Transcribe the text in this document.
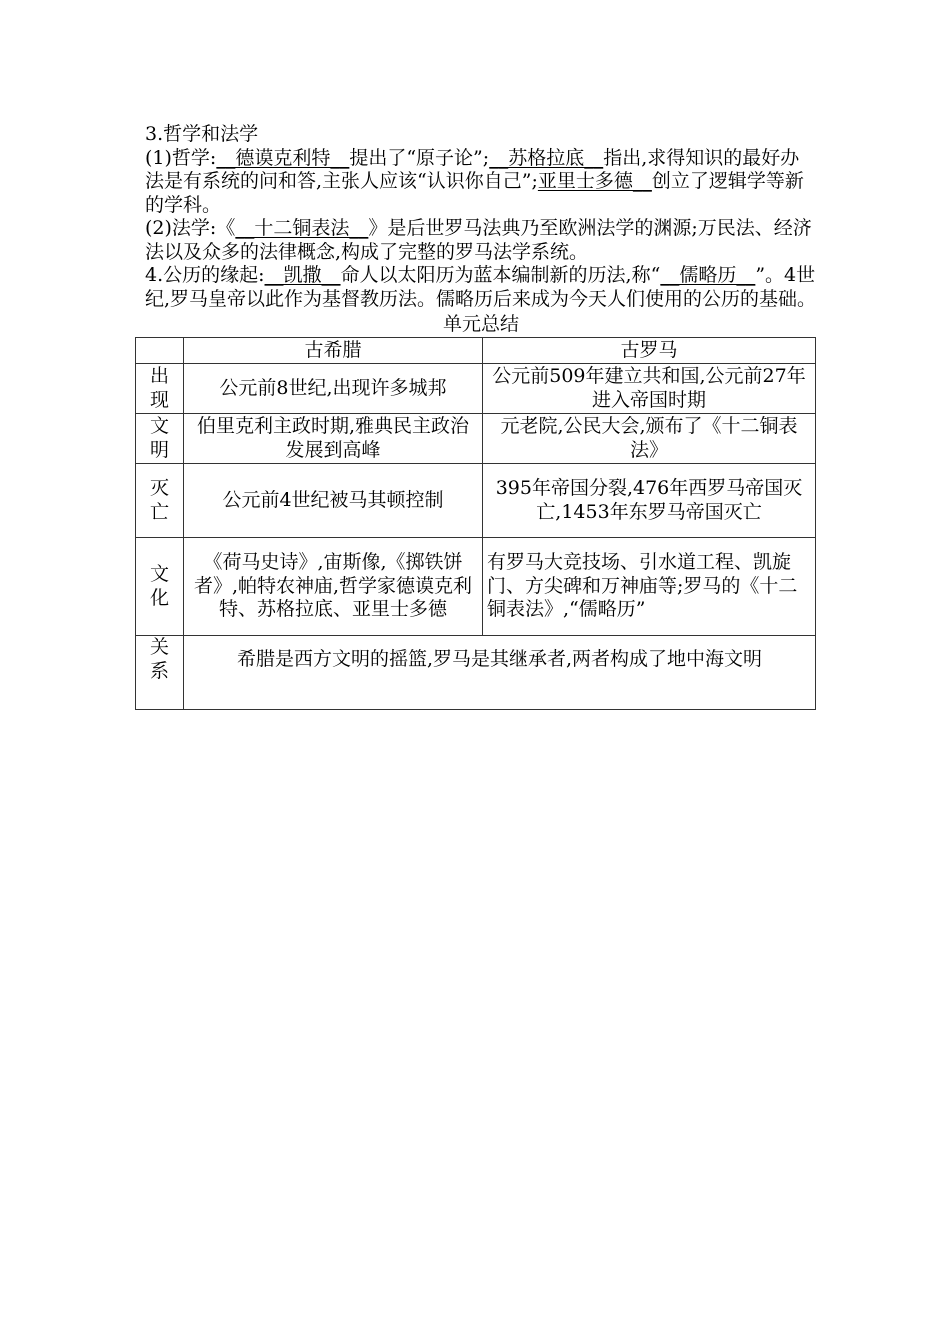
3.哲学和法学

(1)哲学:__德谟克利特__提出了“原子论”;__苏格拉底__指出,求得知识的最好办法是有系统的问和答,主张人应该“认识你自己”;亚里士多德__创立了逻辑学等新的学科。

(2)法学:《__十二铜表法__》是后世罗马法典乃至欧洲法学的渊源;万民法、经济法以及众多的法律概念,构成了完整的罗马法学系统。

4.公历的缘起:__凯撒__命人以太阳历为蓝本编制新的历法,称“__儒略历__”。4世纪,罗马皇帝以此作为基督教历法。儒略历后来成为今天人们使用的公历的基础。

单元总结

	古希腊	古罗马

出现	公元前8世纪,出现许多城邦	公元前509年建立共和国,公元前27年进入帝国时期

文明	伯里克利主政时期,雅典民主政治发展到高峰	元老院,公民大会,颁布了《十二铜表法》

灭亡	公元前4世纪被马其顿控制	395年帝国分裂,476年西罗马帝国灭亡,1453年东罗马帝国灭亡

文化	《荷马史诗》,宙斯像,《掷铁饼者》,帕特农神庙,哲学家德谟克利特、苏格拉底、亚里士多德	有罗马大竞技场、引水道工程、凯旋门、方尖碑和万神庙等;罗马的《十二铜表法》,“儒略历”

关系	希腊是西方文明的摇篮,罗马是其继承者,两者构成了地中海文明	
